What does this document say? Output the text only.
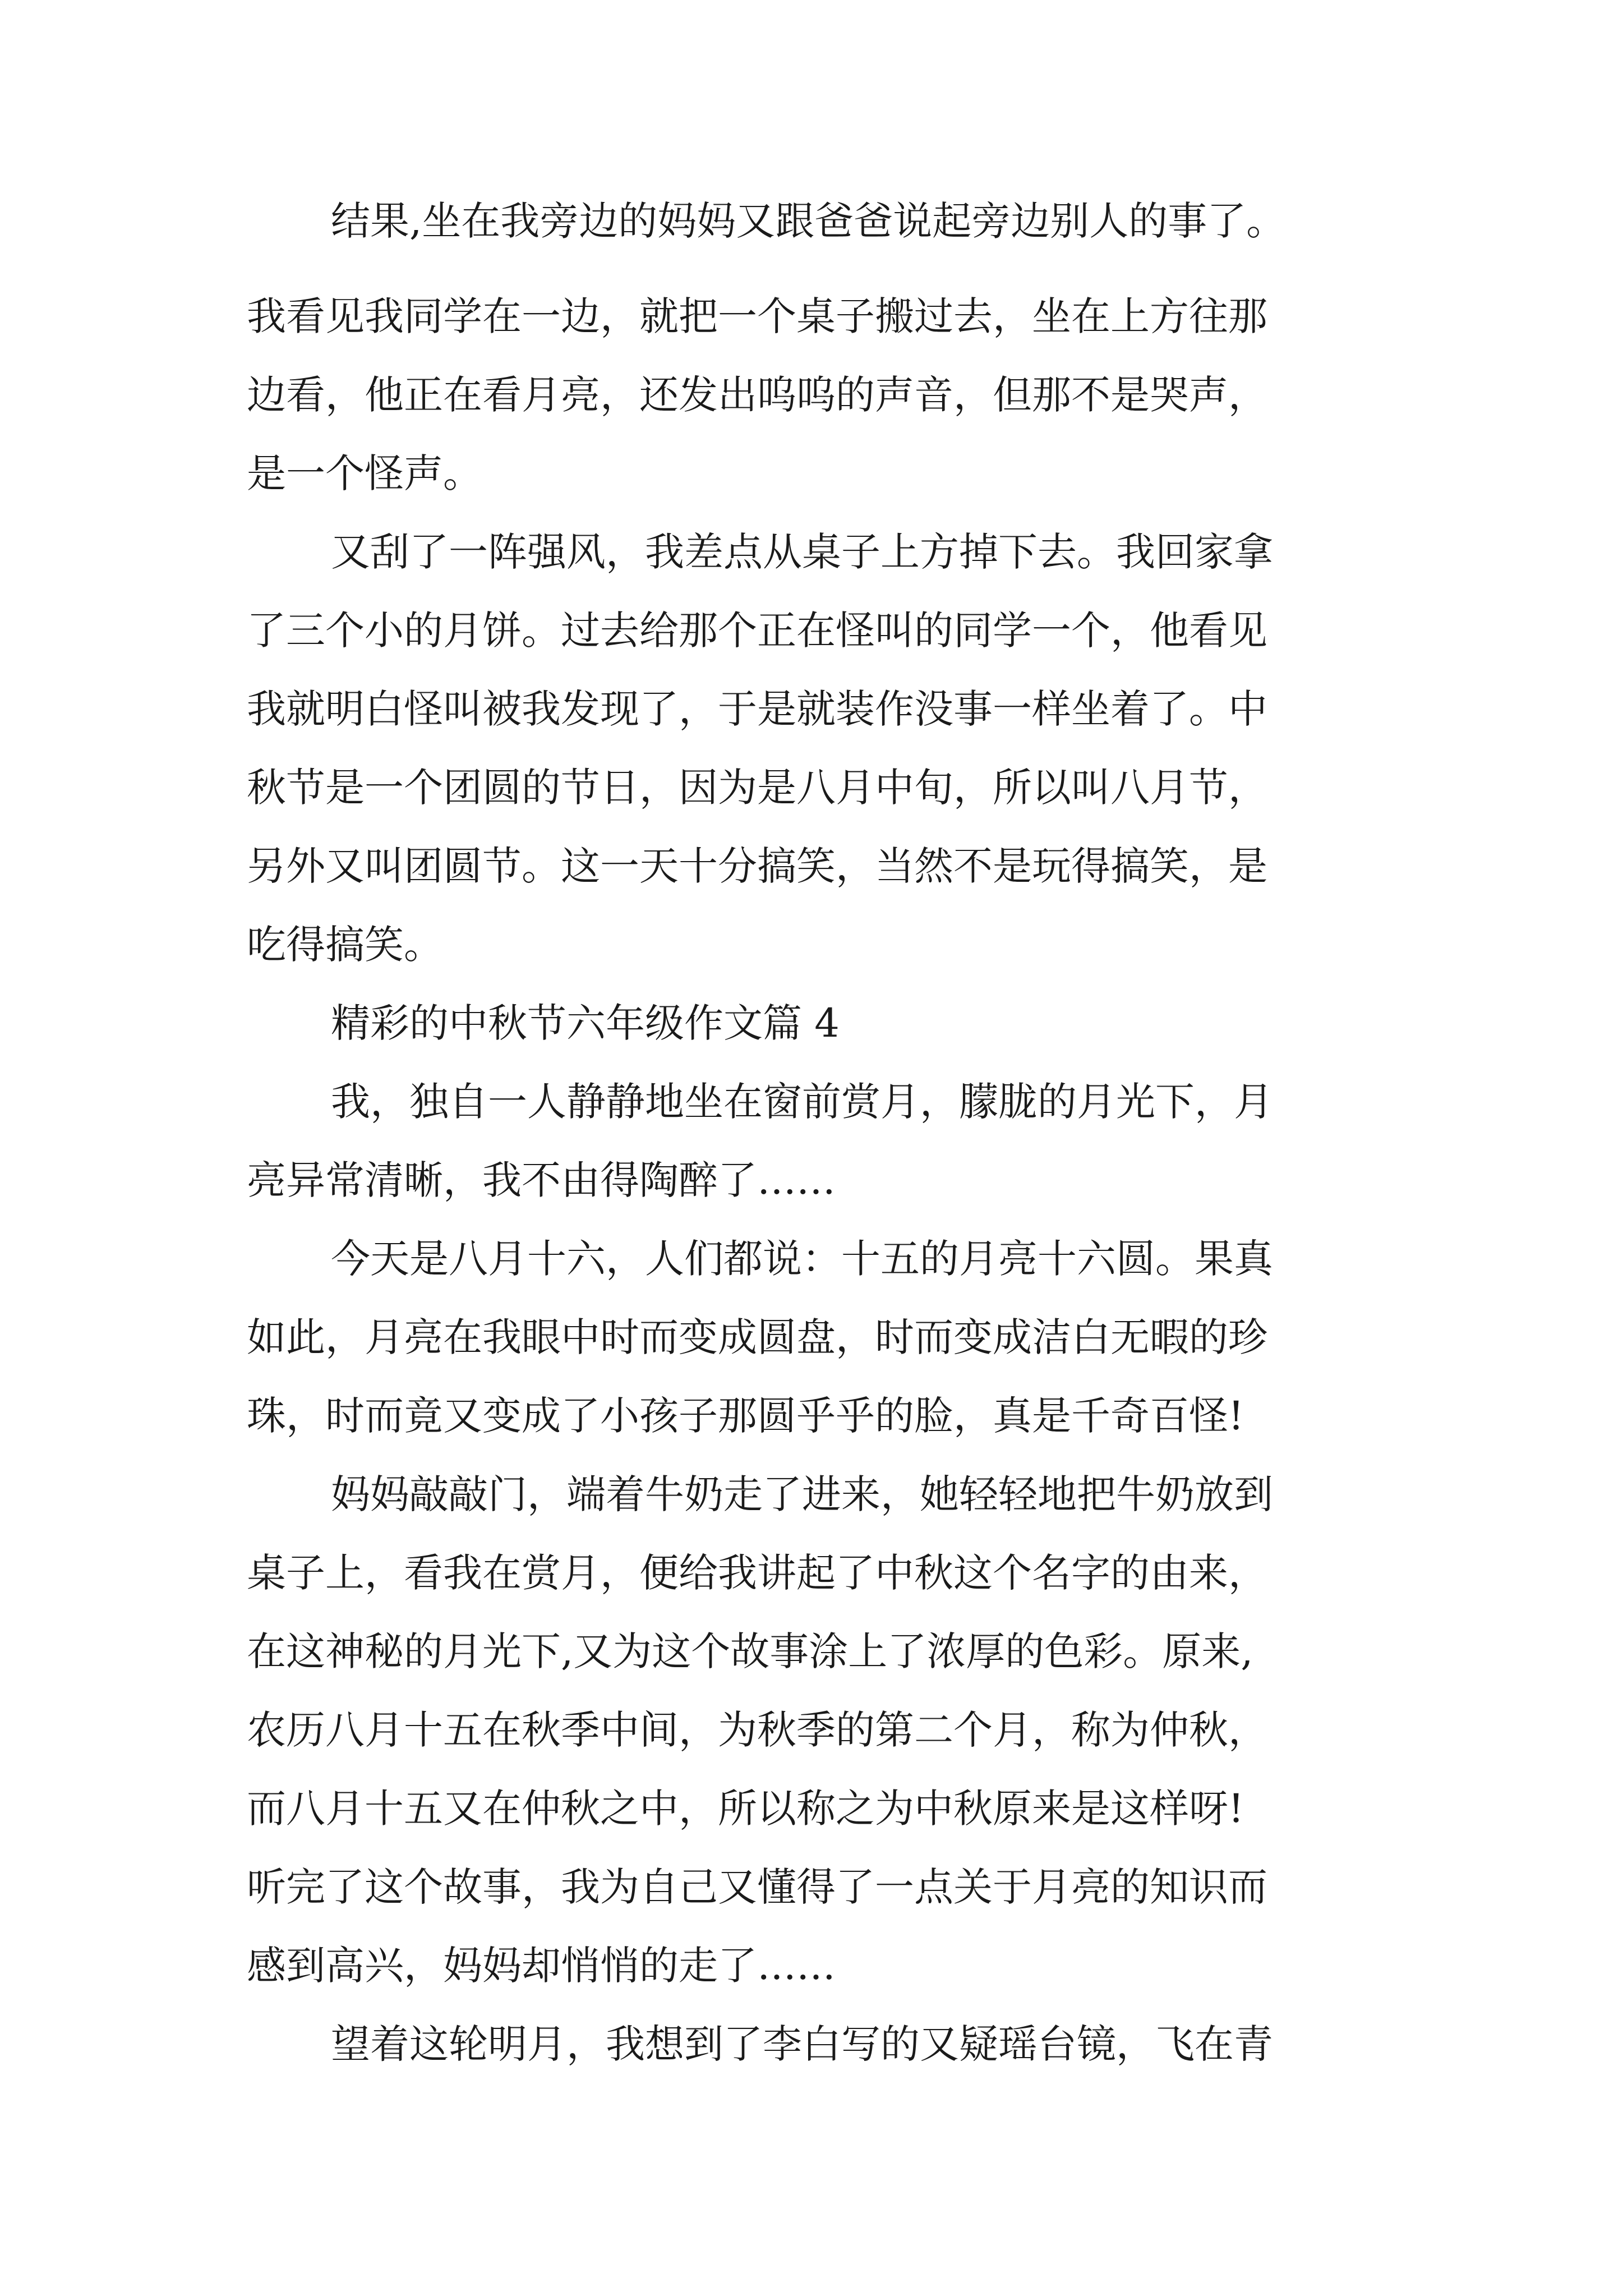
结果,坐在我旁边的妈妈又跟爸爸说起旁边别人的事了。

我看见我同学在一边，就把一个桌子搬过去，坐在上方往那

边看，他正在看月亮，还发出呜呜的声音，但那不是哭声，

是一个怪声。

又刮了一阵强风，我差点从桌子上方掉下去。我回家拿

了三个小的月饼。过去给那个正在怪叫的同学一个，他看见

我就明白怪叫被我发现了，于是就装作没事一样坐着了。中

秋节是一个团圆的节日，因为是八月中旬，所以叫八月节，

另外又叫团圆节。这一天十分搞笑，当然不是玩得搞笑，是

吃得搞笑。

精彩的中秋节六年级作文篇 4

我，独自一人静静地坐在窗前赏月，朦胧的月光下，月

亮异常清晰，我不由得陶醉了……

今天是八月十六，人们都说：十五的月亮十六圆。果真

如此，月亮在我眼中时而变成圆盘，时而变成洁白无暇的珍

珠，时而竟又变成了小孩子那圆乎乎的脸，真是千奇百怪!

妈妈敲敲门，端着牛奶走了进来，她轻轻地把牛奶放到

桌子上，看我在赏月，便给我讲起了中秋这个名字的由来，

在这神秘的月光下,又为这个故事涂上了浓厚的色彩。原来,

农历八月十五在秋季中间，为秋季的第二个月，称为仲秋，

而八月十五又在仲秋之中，所以称之为中秋原来是这样呀!

听完了这个故事，我为自己又懂得了一点关于月亮的知识而

感到高兴，妈妈却悄悄的走了……

望着这轮明月，我想到了李白写的又疑瑶台镜，飞在青
